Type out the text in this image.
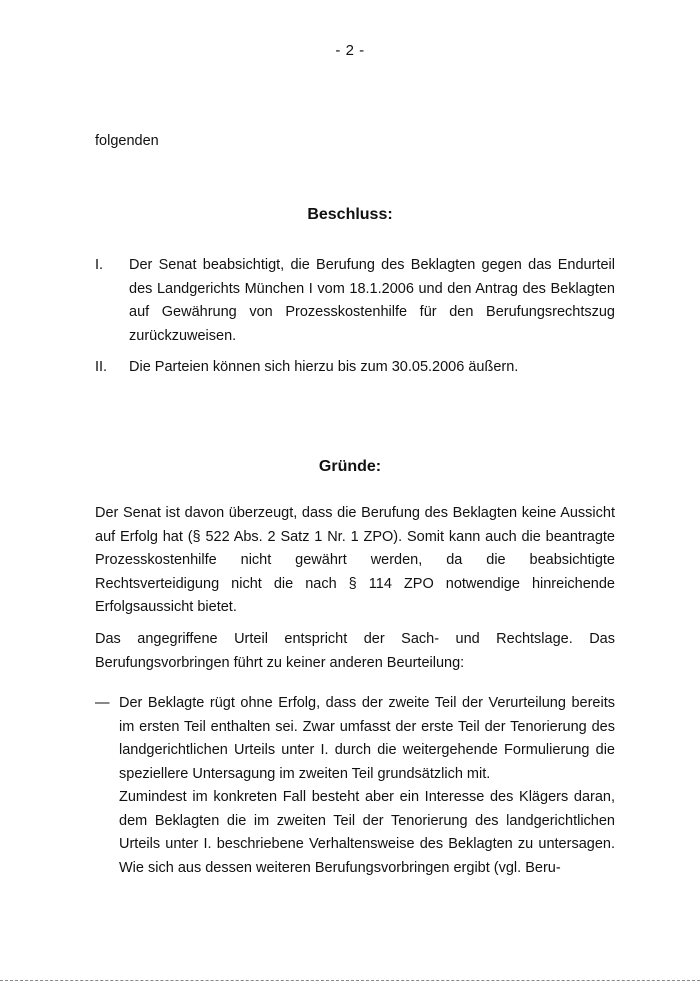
- 2 -
folgenden
Beschluss:
I. Der Senat beabsichtigt, die Berufung des Beklagten gegen das Endurteil des Landgerichts München I vom 18.1.2006 und den Antrag des Beklagten auf Gewährung von Prozesskostenhilfe für den Berufungsrechtszug zurückzuweisen.
II. Die Parteien können sich hierzu bis zum 30.05.2006 äußern.
Gründe:
Der Senat ist davon überzeugt, dass die Berufung des Beklagten keine Aussicht auf Erfolg hat (§ 522 Abs. 2 Satz 1 Nr. 1 ZPO). Somit kann auch die beantragte Prozesskostenhilfe nicht gewährt werden, da die beabsichtigte Rechtsverteidigung nicht die nach § 114 ZPO notwendige hinreichende Erfolgsaussicht bietet.
Das angegriffene Urteil entspricht der Sach- und Rechtslage. Das Berufungsvorbringen führt zu keiner anderen Beurteilung:
— Der Beklagte rügt ohne Erfolg, dass der zweite Teil der Verurteilung bereits im ersten Teil enthalten sei. Zwar umfasst der erste Teil der Tenorierung des landgerichtlichen Urteils unter I. durch die weitergehende Formulierung die speziellere Untersagung im zweiten Teil grundsätzlich mit.

Zumindest im konkreten Fall besteht aber ein Interesse des Klägers daran, dem Beklagten die im zweiten Teil der Tenorierung des landgerichtlichen Urteils unter I. beschriebene Verhaltensweise des Beklagten zu untersagen. Wie sich aus dessen weiteren Berufungsvorbringen ergibt (vgl. Beru-
